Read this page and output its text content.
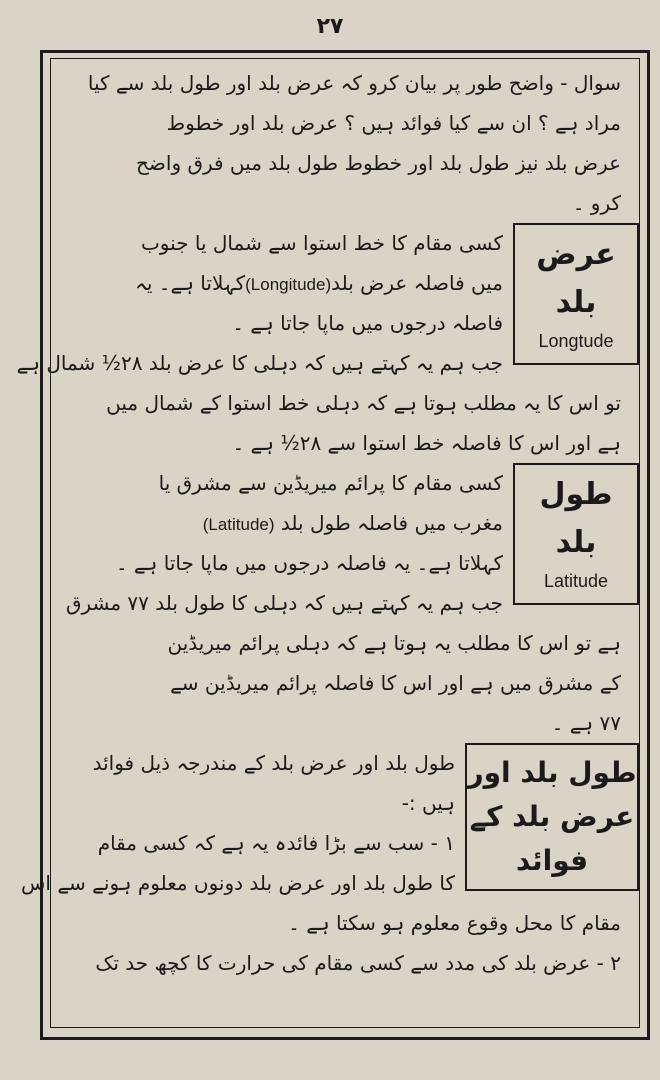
۲۷
سوال - واضح طور پر بیان کرو کہ عرض بلد اور طول بلد سے کیا
مراد ہے ؟ ان سے کیا فوائد ہیں ؟ عرض بلد اور خطوط
عرض بلد نیز طول بلد اور خطوط طول بلد میں فرق واضح
کرو ۔
عرض بلد
Longtude
کسی مقام کا خط استوا سے شمال یا جنوب
میں فاصلہ عرض بلد(Longitude)کہلاتا ہے۔ یہ
فاصلہ درجوں میں ماپا جاتا ہے ۔
جب ہم یہ کہتے ہیں کہ دہلی کا عرض بلد ۲۸½ شمال ہے
تو اس کا یہ مطلب ہوتا ہے کہ دہلی خط استوا کے شمال میں
ہے اور اس کا فاصلہ خط استوا سے ۲۸½ ہے ۔
طول بلد
Latitude
کسی مقام کا پرائم میریڈین سے مشرق یا
مغرب میں فاصلہ طول بلد (Latitude)
کہلاتا ہے۔ یہ فاصلہ درجوں میں ماپا جاتا ہے ۔
جب ہم یہ کہتے ہیں کہ دہلی کا طول بلد ۷۷ مشرق
ہے تو اس کا مطلب یہ ہوتا ہے کہ دہلی پرائم میریڈین
کے مشرق میں ہے اور اس کا فاصلہ پرائم میریڈین سے
۷۷ ہے ۔
طول بلد اور
عرض بلد کے فوائد
طول بلد اور عرض بلد کے مندرجہ ذیل فوائد
ہیں :-
۱ - سب سے بڑا فائدہ یہ ہے کہ کسی مقام
کا طول بلد اور عرض بلد دونوں معلوم ہونے سے اس
مقام کا محل وقوع معلوم ہو سکتا ہے ۔
۲ - عرض بلد کی مدد سے کسی مقام کی حرارت کا کچھ حد تک
